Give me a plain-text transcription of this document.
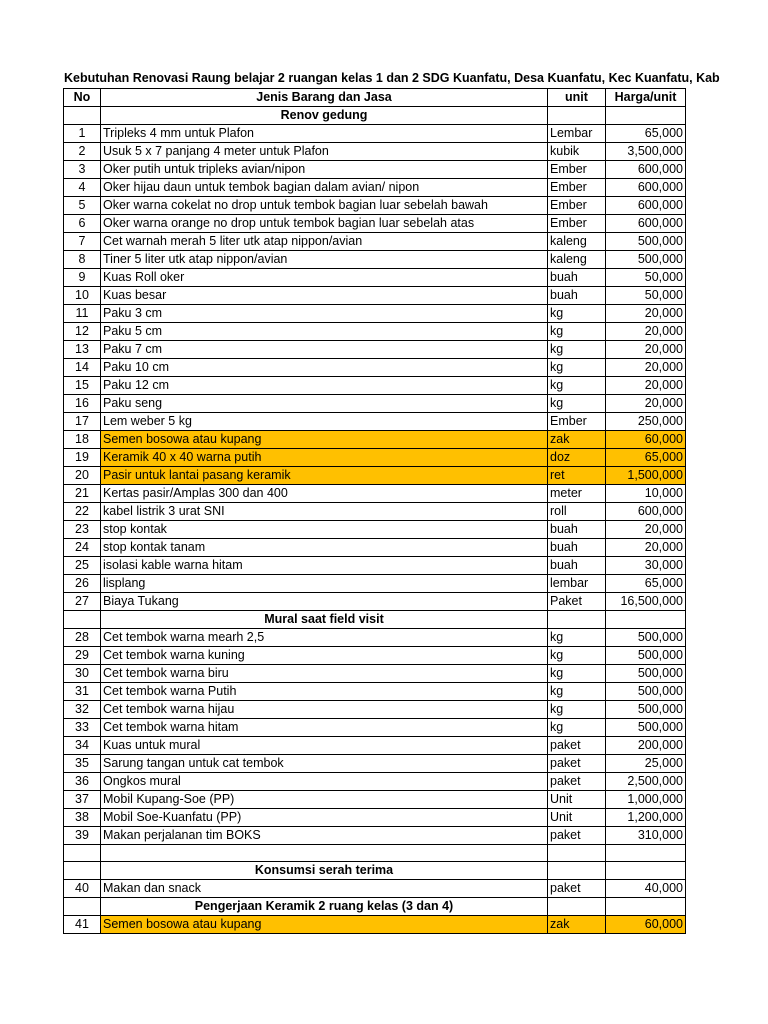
Kebutuhan Renovasi Raung belajar 2 ruangan kelas 1 dan 2 SDG Kuanfatu, Desa Kuanfatu, Kec Kuanfatu, Kab
No	Jenis Barang dan Jasa	unit	Harga/unit
	Renov gedung		
1	Tripleks 4 mm untuk Plafon	Lembar	65,000
2	Usuk 5 x 7 panjang 4 meter untuk Plafon	kubik	3,500,000
3	Oker putih untuk tripleks avian/nipon	Ember	600,000
4	Oker hijau daun untuk tembok bagian dalam avian/ nipon	Ember	600,000
5	Oker warna cokelat no drop untuk tembok bagian luar sebelah bawah	Ember	600,000
6	Oker warna orange no drop untuk tembok bagian luar sebelah atas	Ember	600,000
7	Cet warnah merah 5 liter utk atap nippon/avian	kaleng	500,000
8	Tiner 5 liter utk atap nippon/avian	kaleng	500,000
9	Kuas Roll oker	buah	50,000
10	Kuas besar	buah	50,000
11	Paku 3 cm	kg	20,000
12	Paku 5 cm	kg	20,000
13	Paku 7 cm	kg	20,000
14	Paku 10 cm	kg	20,000
15	Paku 12 cm	kg	20,000
16	Paku seng	kg	20,000
17	Lem weber 5 kg	Ember	250,000
18	Semen bosowa atau kupang	zak	60,000
19	Keramik 40 x 40 warna putih	doz	65,000
20	Pasir untuk lantai pasang keramik	ret	1,500,000
21	Kertas pasir/Amplas 300 dan 400	meter	10,000
22	kabel listrik 3 urat SNI	roll	600,000
23	stop kontak	buah	20,000
24	stop kontak tanam	buah	20,000
25	isolasi kable warna hitam	buah	30,000
26	lisplang	lembar	65,000
27	Biaya Tukang	Paket	16,500,000
	Mural saat field visit		
28	Cet tembok warna mearh 2,5	kg	500,000
29	Cet tembok warna kuning	kg	500,000
30	Cet tembok warna biru	kg	500,000
31	Cet tembok warna Putih	kg	500,000
32	Cet tembok warna hijau	kg	500,000
33	Cet tembok warna hitam	kg	500,000
34	Kuas untuk mural	paket	200,000
35	Sarung tangan untuk cat tembok	paket	25,000
36	Ongkos mural	paket	2,500,000
37	Mobil Kupang-Soe (PP)	Unit	1,000,000
38	Mobil Soe-Kuanfatu (PP)	Unit	1,200,000
39	Makan perjalanan tim BOKS	paket	310,000

	Konsumsi serah terima		
40	Makan dan snack	paket	40,000
	Pengerjaan Keramik 2 ruang kelas (3 dan 4)		
41	Semen bosowa atau kupang	zak	60,000
